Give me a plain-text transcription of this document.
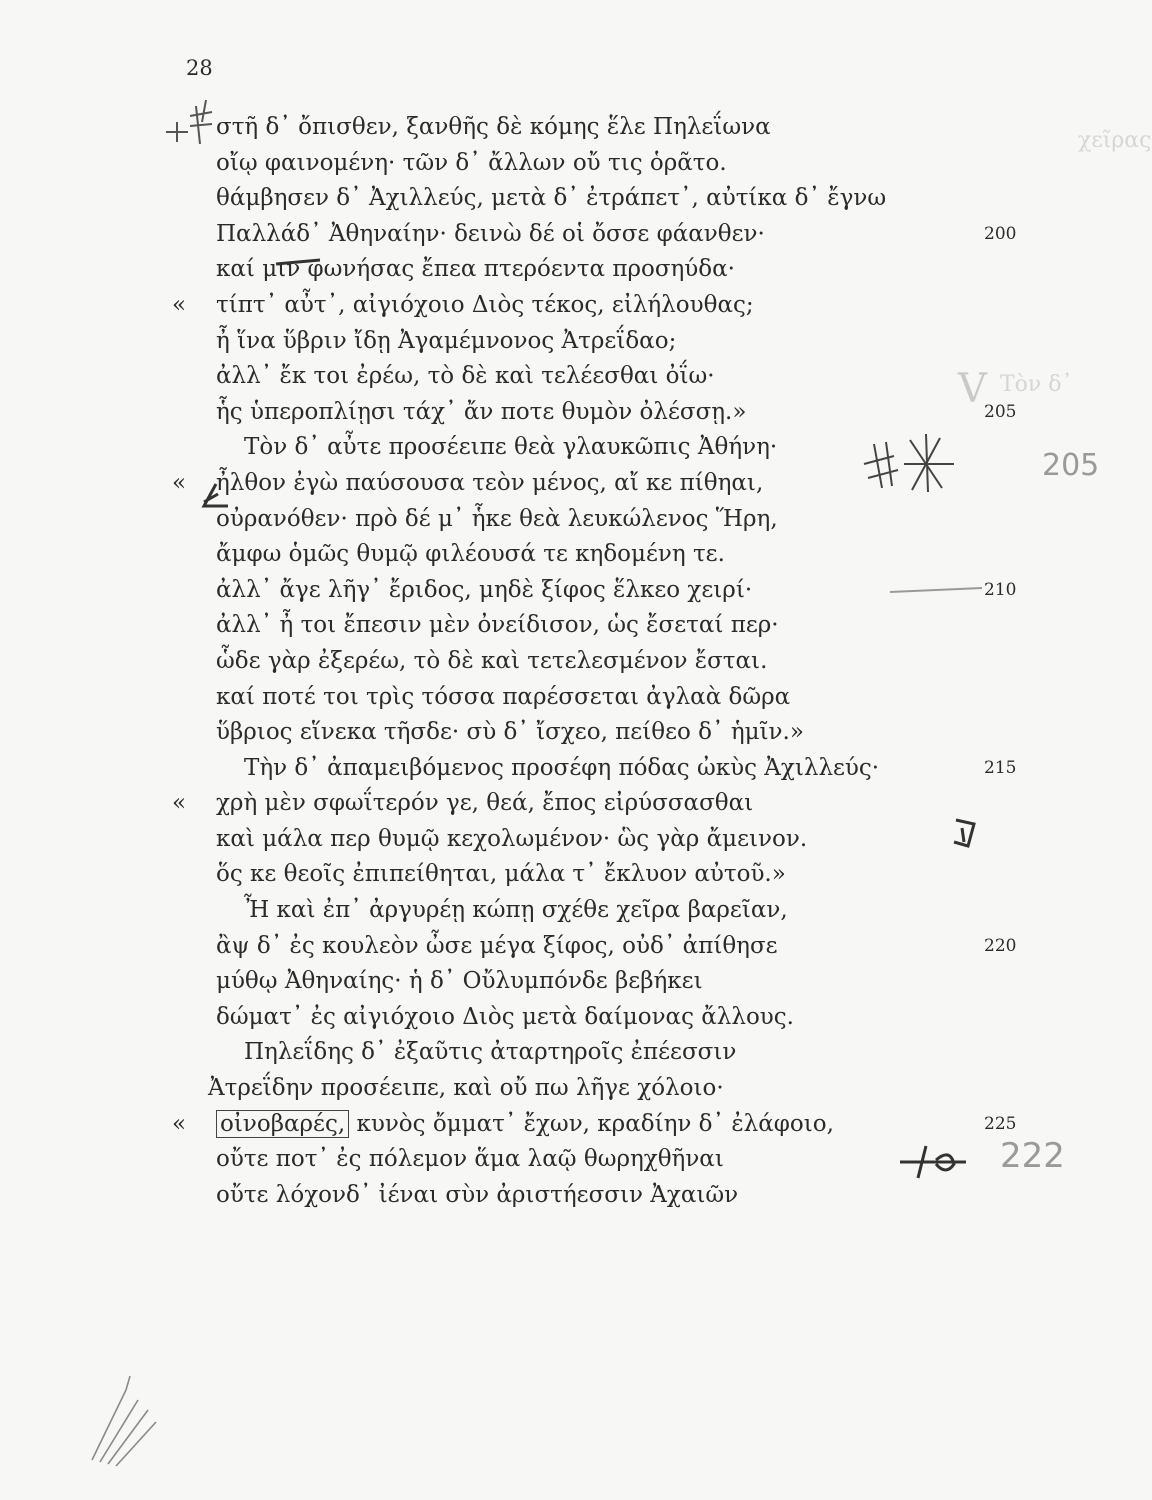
28
χεῖρας
V Τὸν δ᾽
στῆ δ᾽ ὄπισθεν, ξανθῆς δὲ κόμης ἕλε Πηλεΐωνα
οἴῳ φαινομένη· τῶν δ᾽ ἄλλων οὔ τις ὁρᾶτο.
θάμβησεν δ᾽ Ἀχιλλεύς, μετὰ δ᾽ ἐτράπετ᾽, αὐτίκα δ᾽ ἔγνω
Παλλάδ᾽ Ἀθηναίην· δεινὼ δέ οἱ ὄσσε φάανθεν·	200
καί μιν φωνήσας ἔπεα πτερόεντα προσηύδα·
« τίπτ᾽ αὖτ᾽, αἰγιόχοιο Διὸς τέκος, εἰλήλουθας;
ἦ ἵνα ὕβριν ἴδῃ Ἀγαμέμνονος Ἀτρεΐδαο;
ἀλλ᾽ ἔκ τοι ἐρέω, τὸ δὲ καὶ τελέεσθαι ὀΐω·
ἧς ὑπεροπλίῃσι τάχ᾽ ἄν ποτε θυμὸν ὀλέσσῃ.»	205
Τὸν δ᾽ αὖτε προσέειπε θεὰ γλαυκῶπις Ἀθήνη·
« ἦλθον ἐγὼ παύσουσα τεὸν μένος, αἴ κε πίθηαι,
οὐρανόθεν· πρὸ δέ μ᾽ ἧκε θεὰ λευκώλενος Ἥρη,
ἄμφω ὁμῶς θυμῷ φιλέουσά τε κηδομένη τε.
ἀλλ᾽ ἄγε λῆγ᾽ ἔριδος, μηδὲ ξίφος ἕλκεο χειρί·	210
ἀλλ᾽ ἦ τοι ἔπεσιν μὲν ὀνείδισον, ὡς ἔσεταί περ·
ὧδε γὰρ ἐξερέω, τὸ δὲ καὶ τετελεσμένον ἔσται.
καί ποτέ τοι τρὶς τόσσα παρέσσεται ἀγλαὰ δῶρα
ὕβριος εἵνεκα τῆσδε· σὺ δ᾽ ἴσχεο, πείθεο δ᾽ ἡμῖν.»
Τὴν δ᾽ ἀπαμειβόμενος προσέφη πόδας ὠκὺς Ἀχιλλεύς·	215
« χρὴ μὲν σφωΐτερόν γε, θεά, ἔπος εἰρύσσασθαι
καὶ μάλα περ θυμῷ κεχολωμένον· ὣς γὰρ ἄμεινον.
ὅς κε θεοῖς ἐπιπείθηται, μάλα τ᾽ ἔκλυον αὐτοῦ.»
Ἦ καὶ ἐπ᾽ ἀργυρέῃ κώπῃ σχέθε χεῖρα βαρεῖαν,
ἂψ δ᾽ ἐς κουλεὸν ὦσε μέγα ξίφος, οὐδ᾽ ἀπίθησε	220
μύθῳ Ἀθηναίης· ἡ δ᾽ Οὔλυμπόνδε βεβήκει
δώματ᾽ ἐς αἰγιόχοιο Διὸς μετὰ δαίμονας ἄλλους.
Πηλεΐδης δ᾽ ἐξαῦτις ἀταρτηροῖς ἐπέεσσιν
Ἀτρεΐδην προσέειπε, καὶ οὔ πω λῆγε χόλοιο·
« οἰνοβαρές, κυνὸς ὄμματ᾽ ἔχων, κραδίην δ᾽ ἐλάφοιο,	225
οὔτε ποτ᾽ ἐς πόλεμον ἅμα λαῷ θωρηχθῆναι
οὔτε λόχονδ᾽ ἰέναι σὺν ἀριστήεσσιν Ἀχαιῶν
205
222
